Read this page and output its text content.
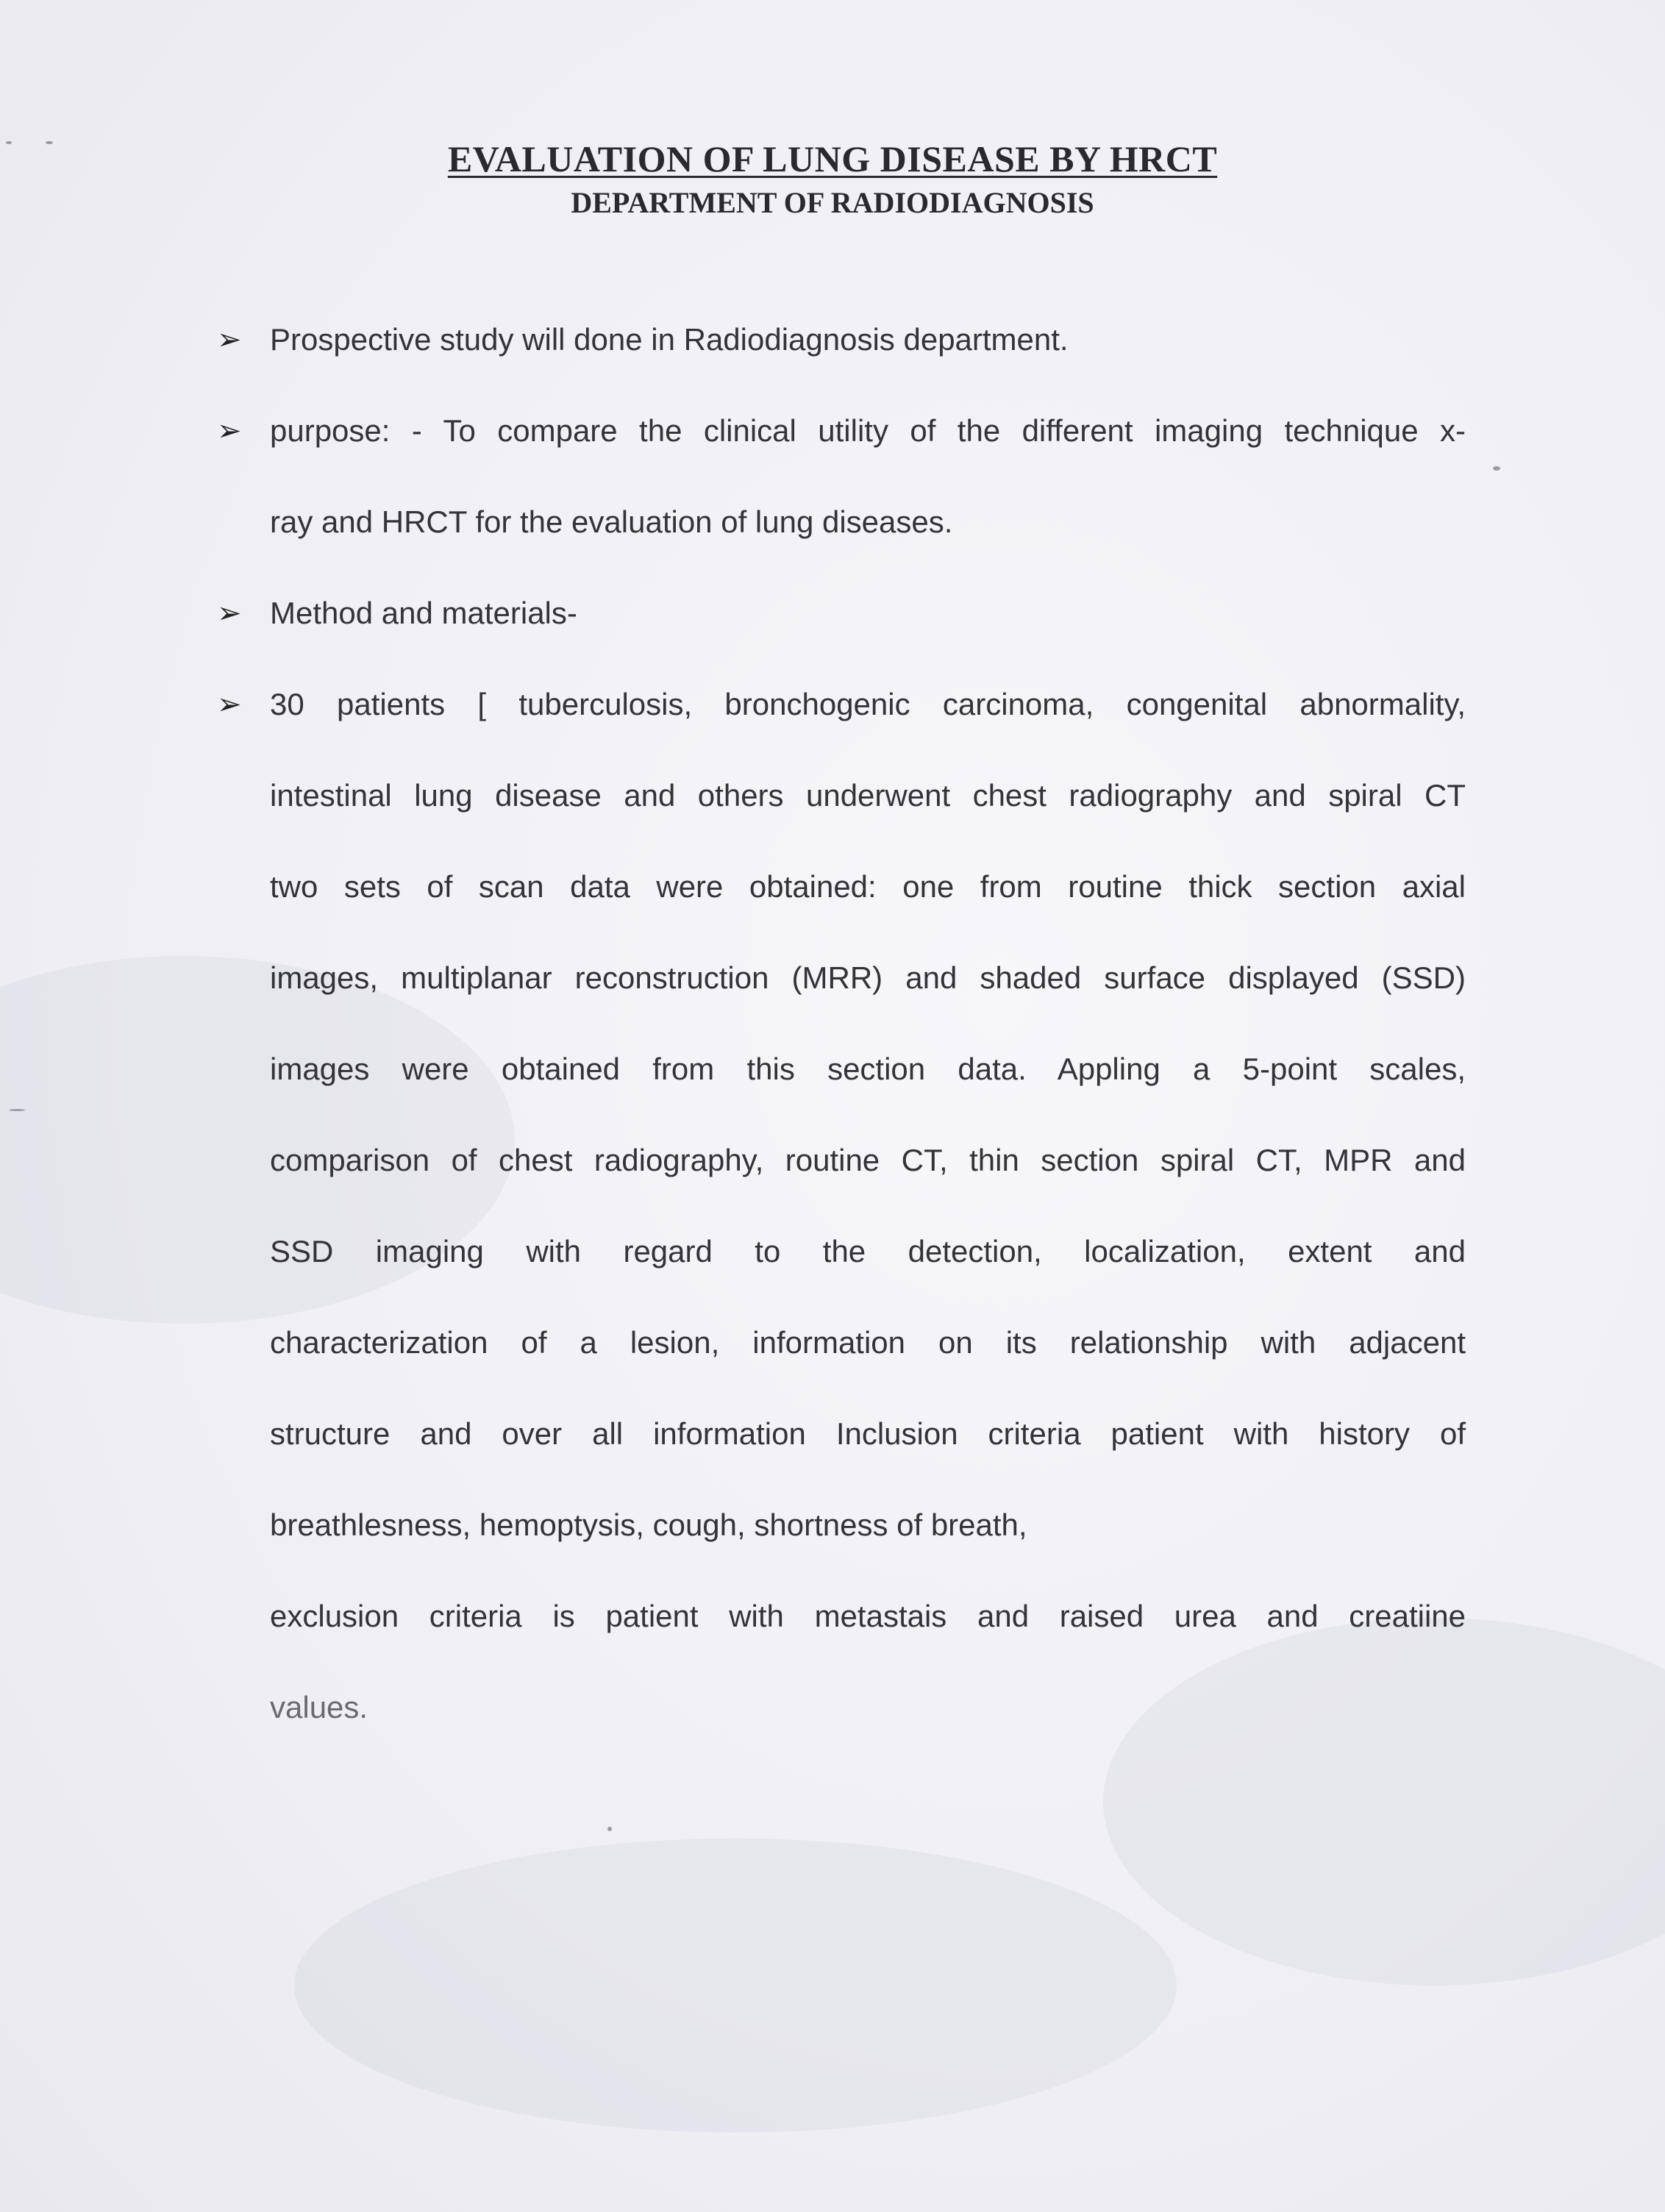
EVALUATION OF LUNG DISEASE BY HRCT
DEPARTMENT OF RADIODIAGNOSIS
➢ Prospective study will done in Radiodiagnosis department.
➢ purpose: - To compare the clinical utility of the different imaging technique x-
ray and HRCT for the evaluation of lung diseases.
➢ Method and materials-
➢ 30 patients [ tuberculosis, bronchogenic carcinoma, congenital abnormality,
intestinal lung disease and others underwent chest radiography and spiral CT
two sets of scan data were obtained: one from routine thick section axial
images, multiplanar reconstruction (MRR) and shaded surface displayed (SSD)
images were obtained from this section data. Appling a 5-point scales,
comparison of chest radiography, routine CT, thin section spiral CT, MPR and
SSD imaging with regard to the detection, localization, extent and
characterization of a lesion, information on its relationship with adjacent
structure and over all information Inclusion criteria patient with history of
breathlesness, hemoptysis, cough, shortness of breath,
exclusion criteria is patient with metastais and raised urea and creatiine
values.
